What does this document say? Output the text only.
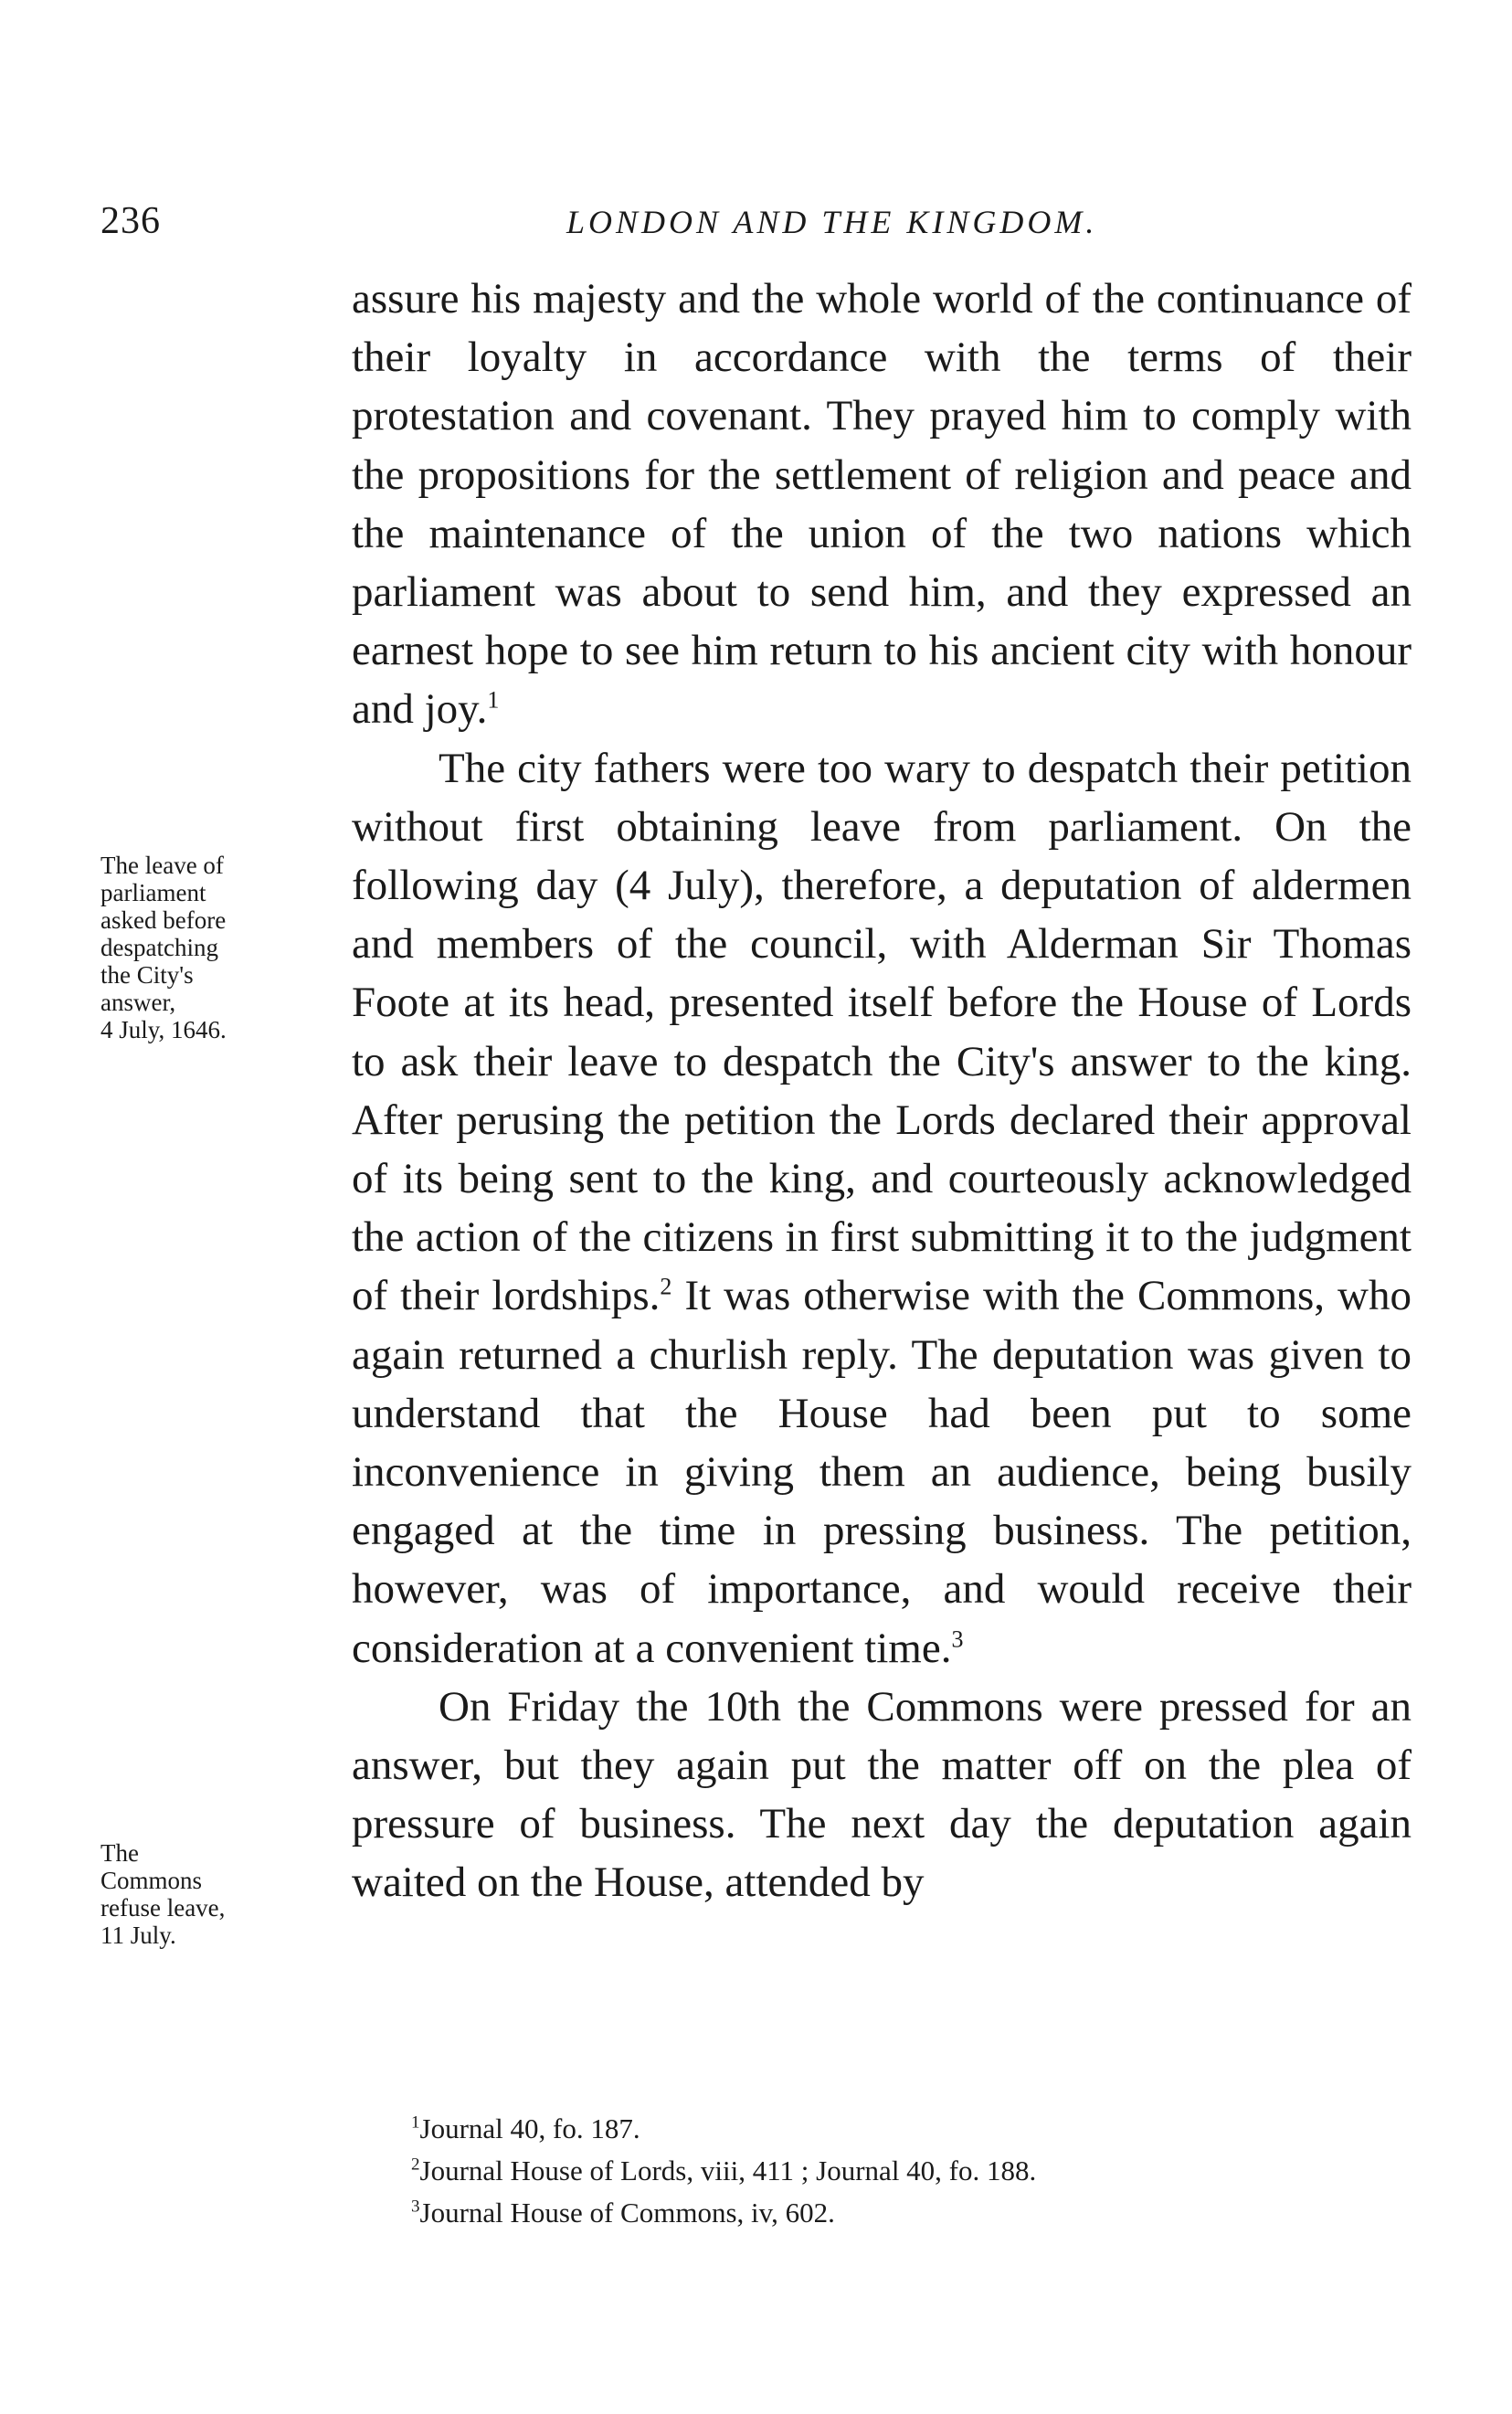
236	LONDON AND THE KINGDOM.
The leave of
parliament
asked before
despatching
the City's
answer,
4 July, 1646.
The
Commons
refuse leave,
11 July.

assure his majesty and the whole world of the continuance of their loyalty in accordance with the terms of their protestation and covenant. They prayed him to comply with the propositions for the settlement of religion and peace and the maintenance of the union of the two nations which parliament was about to send him, and they expressed an earnest hope to see him return to his ancient city with honour and joy.$^1$

The city fathers were too wary to despatch their petition without first obtaining leave from parliament. On the following day (4 July), therefore, a deputation of aldermen and members of the council, with Alderman Sir Thomas Foote at its head, presented itself before the House of Lords to ask their leave to despatch the City's answer to the king. After perusing the petition the Lords declared their approval of its being sent to the king, and courteously acknowledged the action of the citizens in first submitting it to the judgment of their lordships.$^2$ It was otherwise with the Commons, who again returned a churlish reply. The deputation was given to understand that the House had been put to some inconvenience in giving them an audience, being busily engaged at the time in pressing business. The petition, however, was of importance, and would receive their consideration at a convenient time.$^3$

On Friday the 10th the Commons were pressed for an answer, but they again put the matter off on the plea of pressure of business. The next day the deputation again waited on the House, attended by

$^1$Journal 40, fo. 187.

$^2$Journal House of Lords, viii, 411 ; Journal 40, fo. 188.

$^3$Journal House of Commons, iv, 602.
